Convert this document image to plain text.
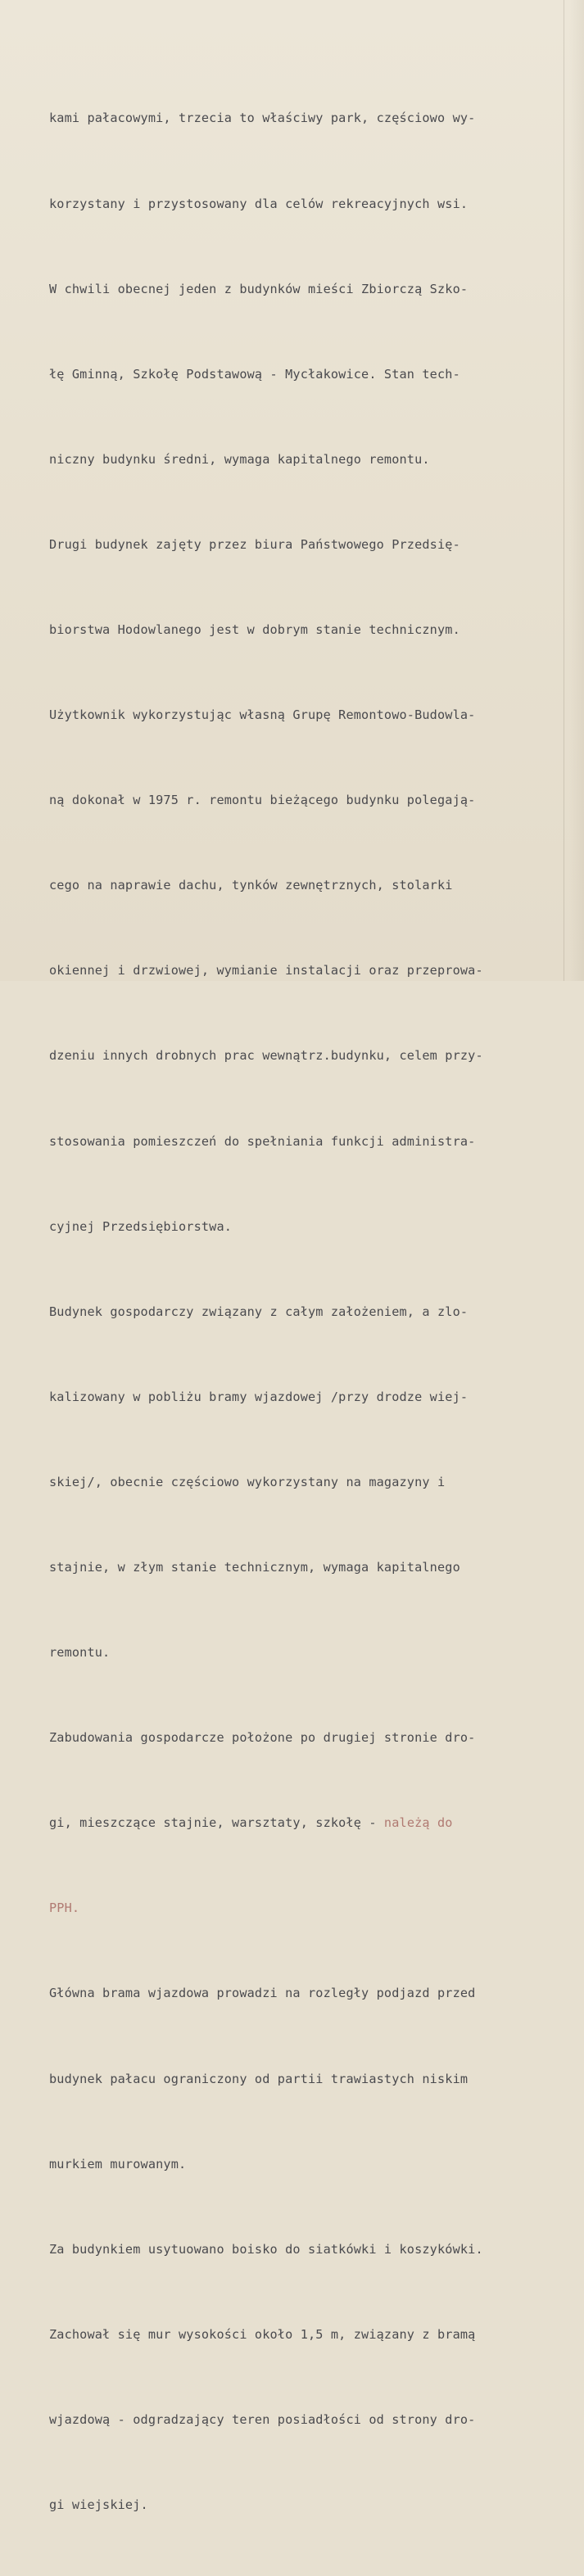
kami pałacowymi, trzecia to właściwy park, częściowo wy-

korzystany i przystosowany dla celów rekreacyjnych wsi.

W chwili obecnej jeden z budynków mieści Zbiorczą Szko-

łę Gminną, Szkołę Podstawową - Mycłakowice. Stan tech-

niczny budynku średni, wymaga kapitalnego remontu.

Drugi budynek zajęty przez biura Państwowego Przedsię-

biorstwa Hodowlanego jest w dobrym stanie technicznym.

Użytkownik wykorzystując własną Grupę Remontowo-Budowla-

ną dokonał w 1975 r. remontu bieżącego budynku polegają-

cego na naprawie dachu, tynków zewnętrznych, stolarki

okiennej i drzwiowej, wymianie instalacji oraz przeprowa-

dzeniu innych drobnych prac wewnątrz.budynku, celem przy-

stosowania pomieszczeń do spełniania funkcji administra-

cyjnej Przedsiębiorstwa.

Budynek gospodarczy związany z całym założeniem, a zlo-

kalizowany w pobliżu bramy wjazdowej /przy drodze wiej-

skiej/, obecnie częściowo wykorzystany na magazyny i

stajnie, w złym stanie technicznym, wymaga kapitalnego

remontu.

Zabudowania gospodarcze położone po drugiej stronie dro-

gi, mieszczące stajnie, warsztaty, szkołę - należą do

PPH.

Główna brama wjazdowa prowadzi na rozległy podjazd przed

budynek pałacu ograniczony od partii trawiastych niskim

murkiem murowanym.

Za budynkiem usytuowano boisko do siatkówki i koszykówki.

Zachował się mur wysokości około 1,5 m, związany z bramą

wjazdową - odgradzający teren posiadłości od strony dro-

gi wiejskiej.
